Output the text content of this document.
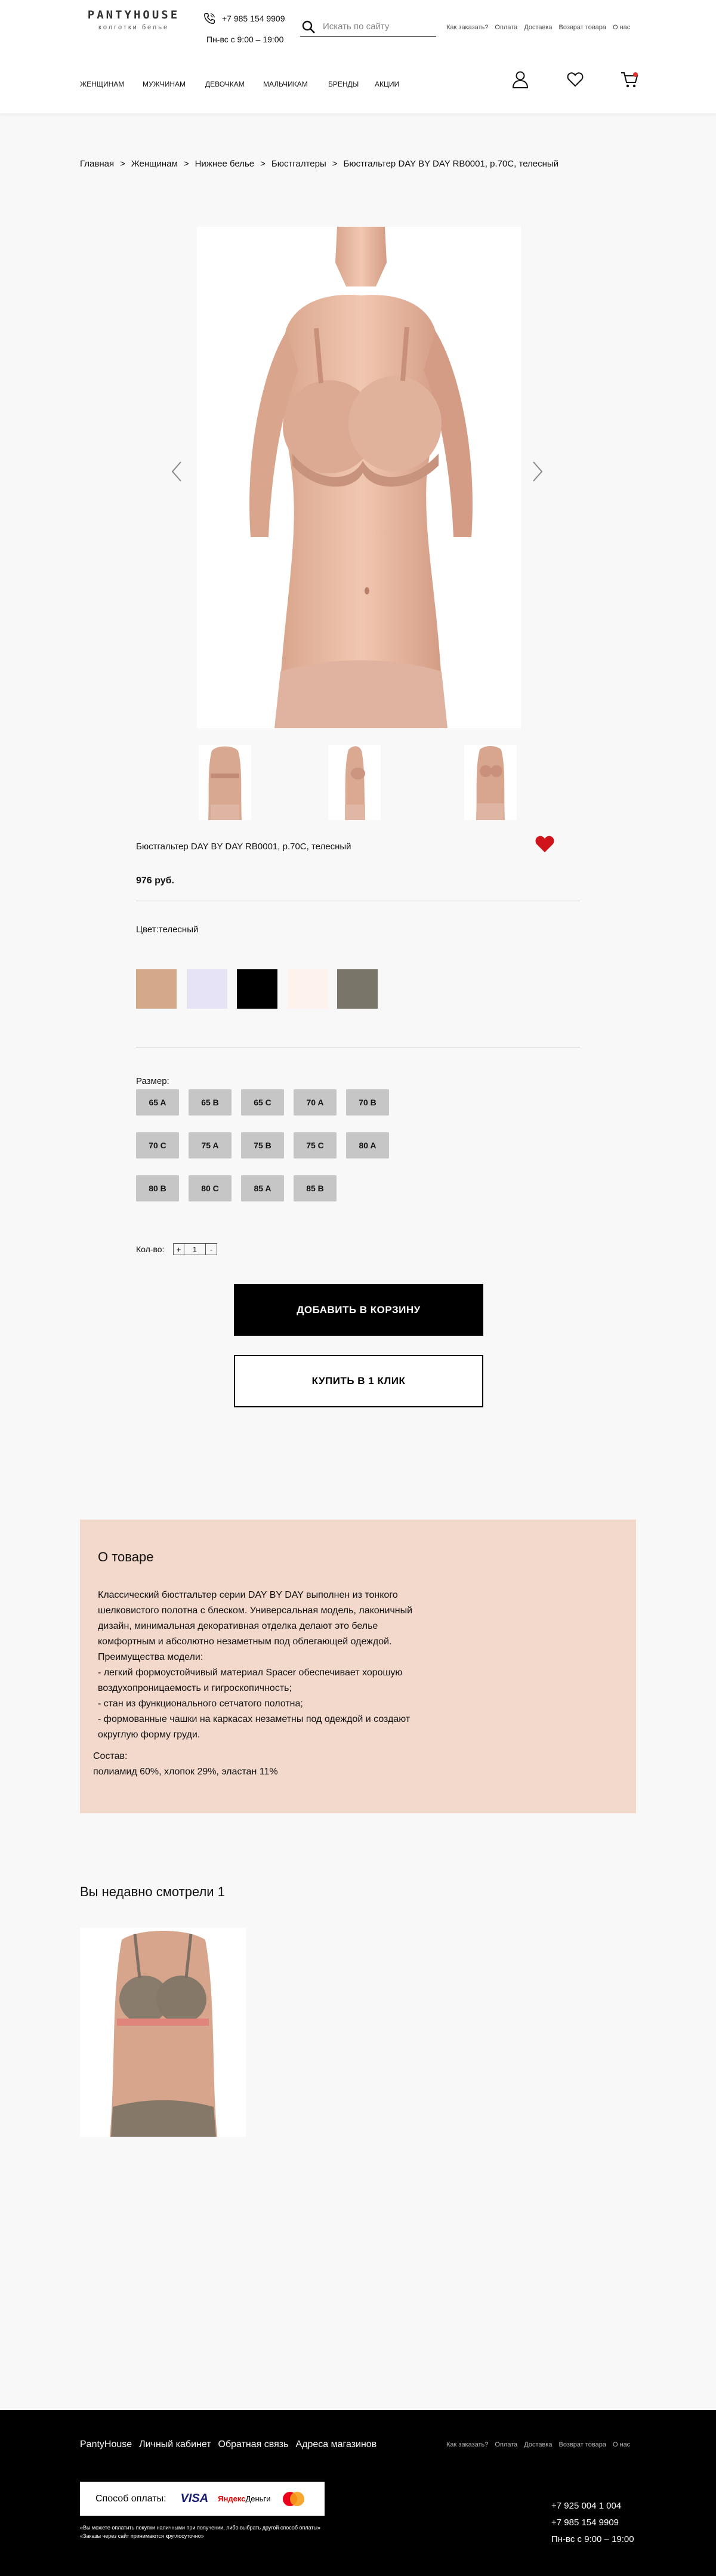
PANTYHOUSE
колготки белье
+7 985 154 9909
Пн-вс с 9:00 – 19:00
Искать по сайту
Как заказать? Оплата Доставка Возврат товара О нас
ЖЕНЩИНАМ	МУЖЧИНАМ	ДЕВОЧКАМ	МАЛЬЧИКАМ	БРЕНДЫ	АКЦИИ
Главная > Женщинам > Нижнее белье > Бюстгалтеры > Бюстгальтер DAY BY DAY RB0001, р.70C, телесный
Бюстгальтер DAY BY DAY RB0001, р.70C, телесный
976 руб.
Цвет:телесный
Размер:
65 A	65 B	65 C	70 A	70 B
70 C	75 A	75 B	75 C	80 A
80 B	80 C	85 A	85 B
Кол-во:	+	1	-
ДОБАВИТЬ В КОРЗИНУ
КУПИТЬ В 1 КЛИК
О товаре

Классический бюстгальтер серии DAY BY DAY выполнен из тонкого

шелковистого полотна с блеском. Универсальная модель, лаконичный

дизайн, минимальная декоративная отделка делают это белье

комфортным и абсолютно незаметным под облегающей одеждой.

Преимущества модели:

- легкий формоустойчивый материал Spacer обеспечивает хорошую

воздухопроницаемость и гигроскопичность;

- стан из функционального сетчатого полотна;

- формованные чашки на каркасах незаметны под одеждой и создают

округлую форму груди.

Состав:
полиамид 60%, хлопок 29%, эластан 11%
Вы недавно смотрели 1
PantyHouse Личный кабинет Обратная связь Адреса магазинов	Как заказать? Оплата Доставка Возврат товара О нас
Способ оплаты: VISA ЯндексДеньги
«Вы можете оплатить покупки наличными при получении, либо выбрать другой способ оплаты»
«Заказы через сайт принимаются круглосуточно»
+7 925 004 1 004
+7 985 154 9909
Пн-вс с 9:00 – 19:00
